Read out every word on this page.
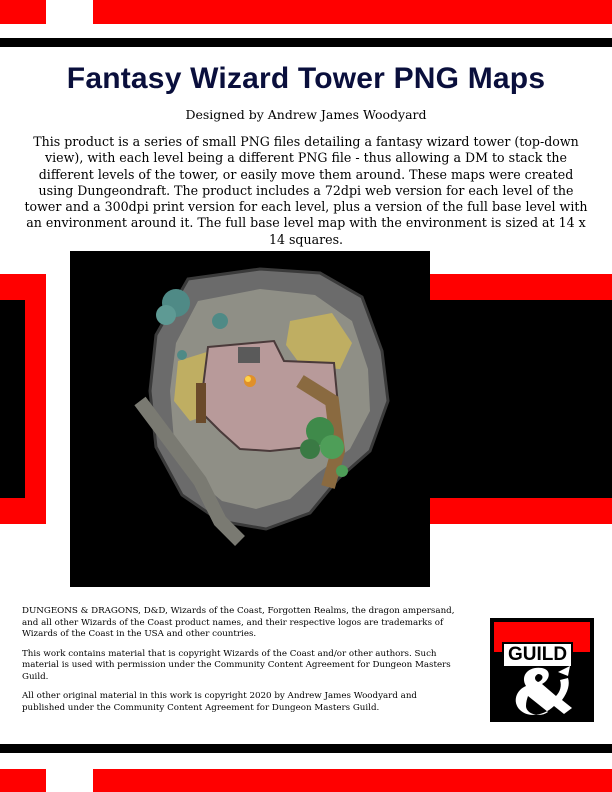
Fantasy Wizard Tower PNG Maps
Designed by Andrew James Woodyard
This product is a series of small PNG files detailing a fantasy wizard tower (top-down view), with each level being a different PNG file - thus allowing a DM to stack the different levels of the tower, or easily move them around. These maps were created using Dungeondraft. The product includes a 72dpi web version for each level of the tower and a 300dpi print version for each level, plus a version of the full base level with an environment around it. The full base level map with the environment is sized at 14 x 14 squares.

DUNGEONS & DRAGONS, D&D, Wizards of the Coast, Forgotten Realms, the dragon ampersand, and all other Wizards of the Coast product names, and their respective logos are trademarks of Wizards of the Coast in the USA and other countries.

This work contains material that is copyright Wizards of the Coast and/or other authors. Such material is used with permission under the Community Content Agreement for Dungeon Masters Guild.

All other original material in this work is copyright 2020 by Andrew James Woodyard and published under the Community Content Agreement for Dungeon Masters Guild.

GUILD
